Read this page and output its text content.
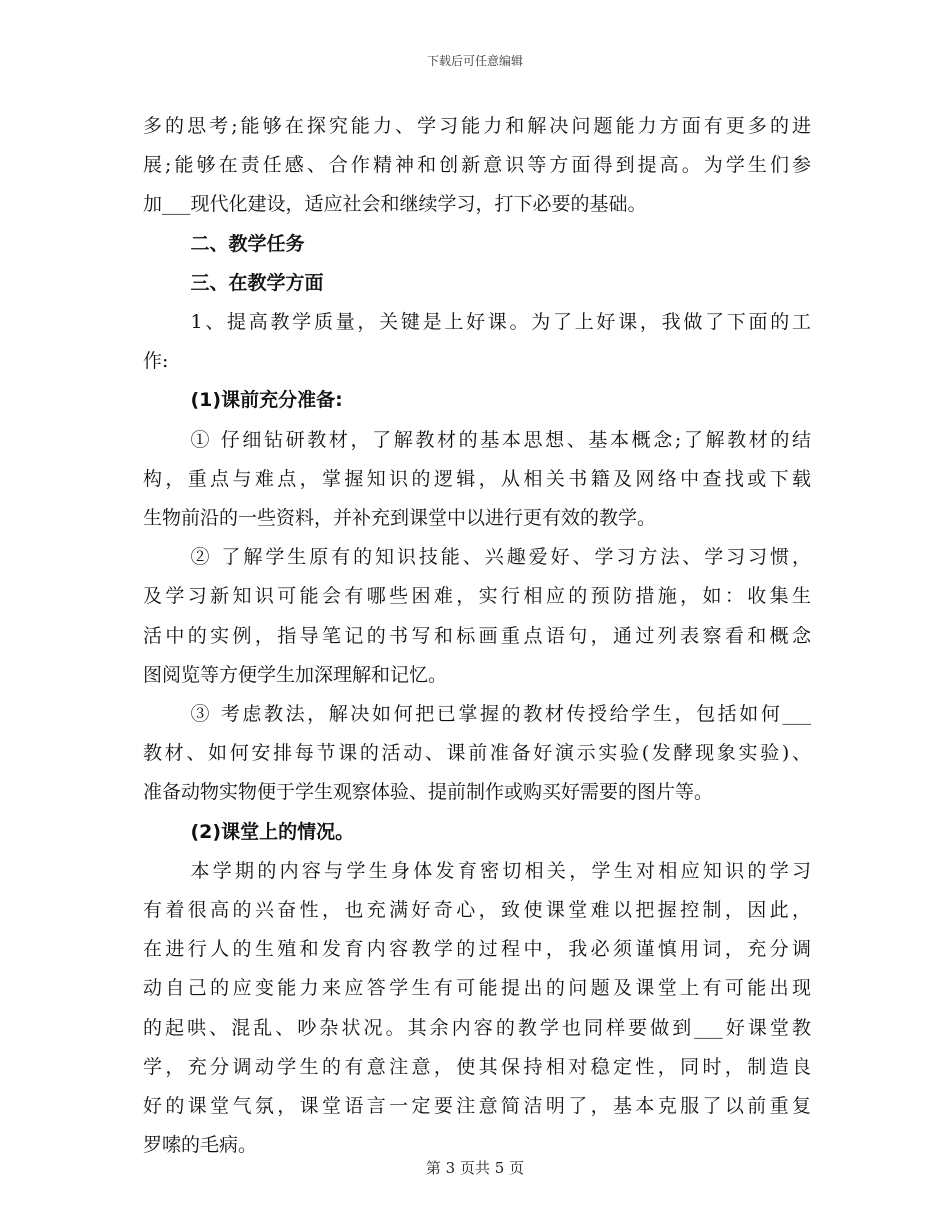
下载后可任意编辑

多的思考;能够在探究能力、学习能力和解决问题能力方面有更多的进

展;能够在责任感、合作精神和创新意识等方面得到提高。为学生们参

加___现代化建设，适应社会和继续学习，打下必要的基础。

二、教学任务

三、在教学方面

1、提高教学质量，关键是上好课。为了上好课，我做了下面的工

作:

(1)课前充分准备:

① 仔细钻研教材，了解教材的基本思想、基本概念;了解教材的结

构，重点与难点，掌握知识的逻辑，从相关书籍及网络中查找或下载

生物前沿的一些资料，并补充到课堂中以进行更有效的教学。

② 了解学生原有的知识技能、兴趣爱好、学习方法、学习习惯，

及学习新知识可能会有哪些困难，实行相应的预防措施，如：收集生

活中的实例，指导笔记的书写和标画重点语句，通过列表察看和概念

图阅览等方便学生加深理解和记忆。

③ 考虑教法，解决如何把已掌握的教材传授给学生，包括如何___

教材、如何安排每节课的活动、课前准备好演示实验(发酵现象实验)、

准备动物实物便于学生观察体验、提前制作或购买好需要的图片等。

(2)课堂上的情况。

本学期的内容与学生身体发育密切相关，学生对相应知识的学习

有着很高的兴奋性，也充满好奇心，致使课堂难以把握控制，因此，

在进行人的生殖和发育内容教学的过程中，我必须谨慎用词，充分调

动自己的应变能力来应答学生有可能提出的问题及课堂上有可能出现

的起哄、混乱、吵杂状况。其余内容的教学也同样要做到___好课堂教

学，充分调动学生的有意注意，使其保持相对稳定性，同时，制造良

好的课堂气氛，课堂语言一定要注意简洁明了，基本克服了以前重复

罗嗦的毛病。

第 3 页共 5 页
